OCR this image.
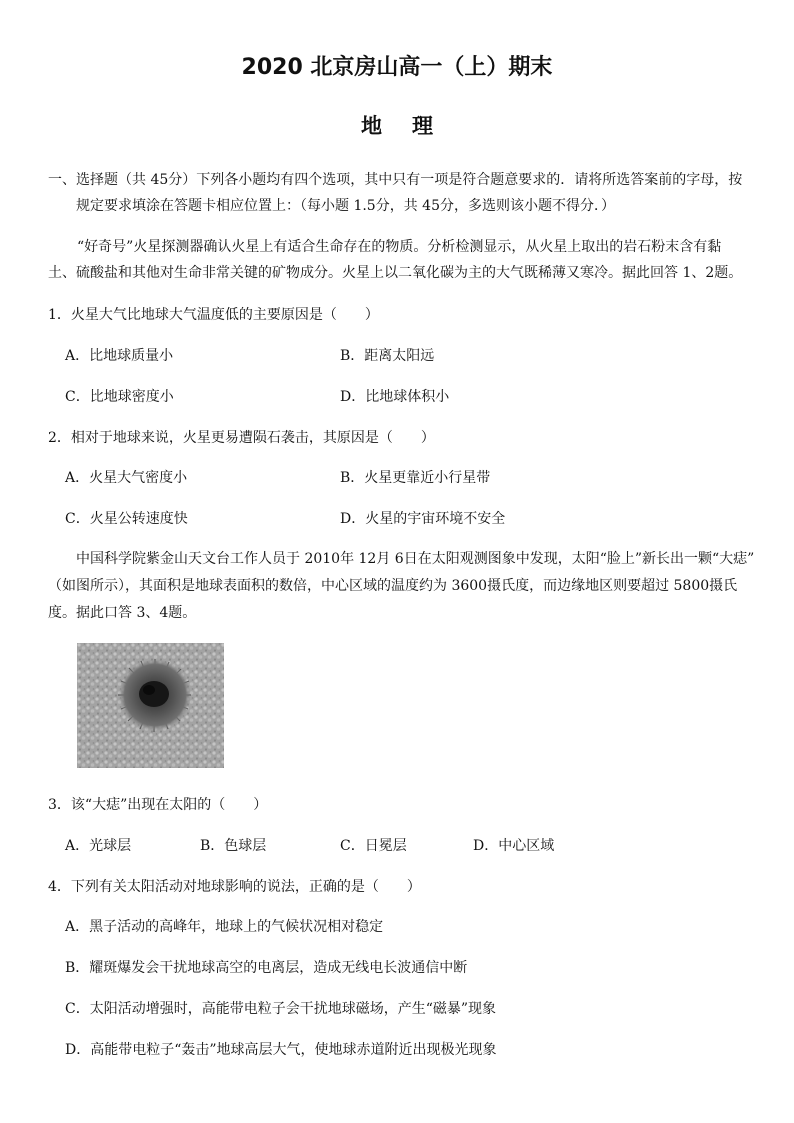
2020 北京房山高一（上）期末
地理
一、选择题（共 45分）下列各小题均有四个选项，其中只有一项是符合题意要求的．请将所选答案前的字母，按
规定要求填涂在答题卡相应位置上：（每小题 1.5分，共 45分，多选则该小题不得分．）
“好奇号”火星探测器确认火星上有适合生命存在的物质。分析检测显示，从火星上取出的岩石粉末含有黏
土、硫酸盐和其他对生命非常关键的矿物成分。火星上以二氧化碳为主的大气既稀薄又寒冷。据此回答 1、2题。
1．火星大气比地球大气温度低的主要原因是（　　）
A．比地球质量小	B．距离太阳远
C．比地球密度小	D．比地球体积小
2．相对于地球来说，火星更易遭陨石袭击，其原因是（　　）
A．火星大气密度小	B．火星更靠近小行星带
C．火星公转速度快	D．火星的宇宙环境不安全
中国科学院紫金山天文台工作人员于 2010年 12月 6日在太阳观测图象中发现，太阳“脸上”新长出一颗“大痣”
（如图所示），其面积是地球表面积的数倍，中心区域的温度约为 3600摄氏度，而边缘地区则要超过 5800摄氏
度。据此口答 3、4题。
3．该“大痣”出现在太阳的（　　）
A．光球层	B．色球层	C．日冕层	D．中心区域
4．下列有关太阳活动对地球影响的说法，正确的是（　　）
A．黑子活动的高峰年，地球上的气候状况相对稳定
B．耀斑爆发会干扰地球高空的电离层，造成无线电长波通信中断
C．太阳活动增强时，高能带电粒子会干扰地球磁场，产生“磁暴”现象
D．高能带电粒子“轰击”地球高层大气，使地球赤道附近出现极光现象
